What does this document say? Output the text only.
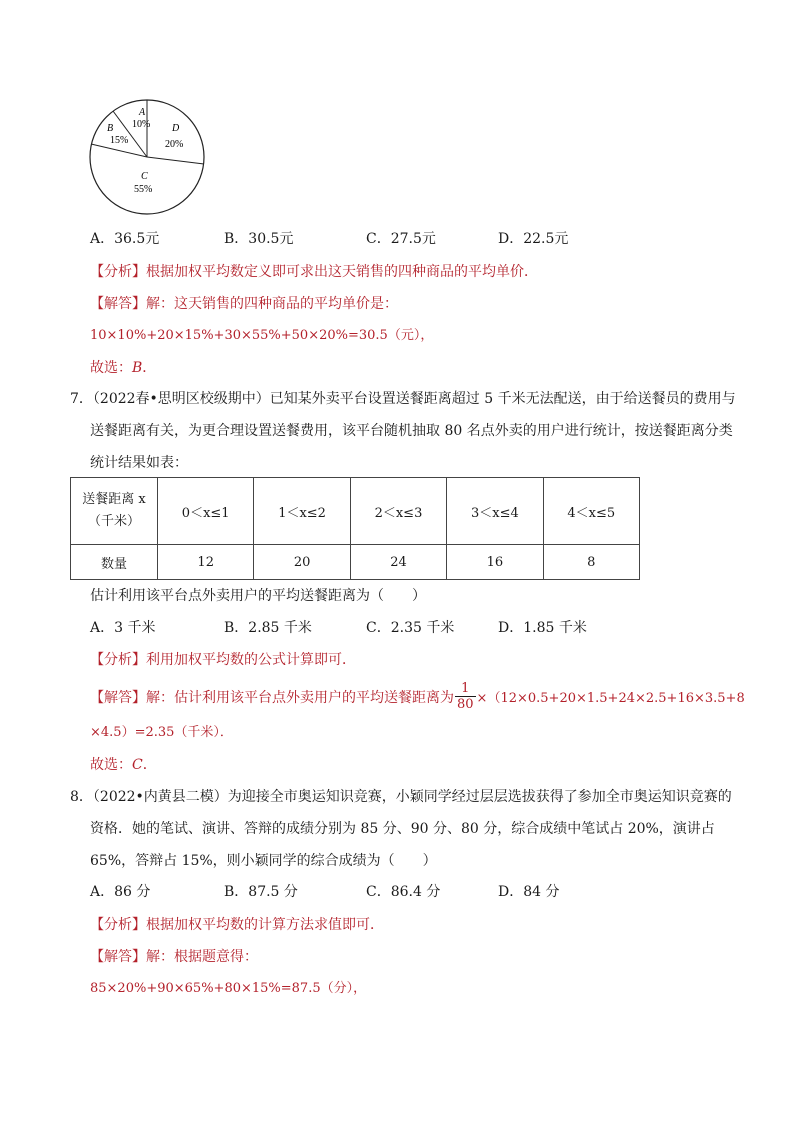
A
10%
B
15%
C
55%
D
20%
A．36.5元	B．30.5元	C．27.5元	D．22.5元
【分析】根据加权平均数定义即可求出这天销售的四种商品的平均单价．
【解答】解：这天销售的四种商品的平均单价是：
10×10%+20×15%+30×55%+50×20%=30.5（元），
故选：B．
7．（2022春•思明区校级期中）已知某外卖平台设置送餐距离超过 5 千米无法配送，由于给送餐员的费用与
送餐距离有关，为更合理设置送餐费用，该平台随机抽取 80 名点外卖的用户进行统计，按送餐距离分类
统计结果如表：
送餐距离 x
（千米）	0＜x≤1	1＜x≤2	2＜x≤3	3＜x≤4	4＜x≤5
数量	12	20	24	16	8
估计利用该平台点外卖用户的平均送餐距离为（　　）
A．3 千米	B．2.85 千米	C．2.35 千米	D．1.85 千米
【分析】利用加权平均数的公式计算即可．
【解答】解：估计利用该平台点外卖用户的平均送餐距离为 $\frac{1}{80} \times(12\times 0.5+20\times 1.5+24\times 2.5+16\times 3.5+8$
×4.5）=2.35（千米）．
故选：C．
8．（2022•内黄县二模）为迎接全市奥运知识竞赛，小颖同学经过层层选拔获得了参加全市奥运知识竞赛的
资格．她的笔试、演讲、答辩的成绩分别为 85 分、90 分、80 分，综合成绩中笔试占 20%，演讲占
65%，答辩占 15%，则小颖同学的综合成绩为（　　）
A．86 分	B．87.5 分	C．86.4 分	D．84 分
【分析】根据加权平均数的计算方法求值即可．
【解答】解：根据题意得：
85×20%+90×65%+80×15%=87.5（分），
